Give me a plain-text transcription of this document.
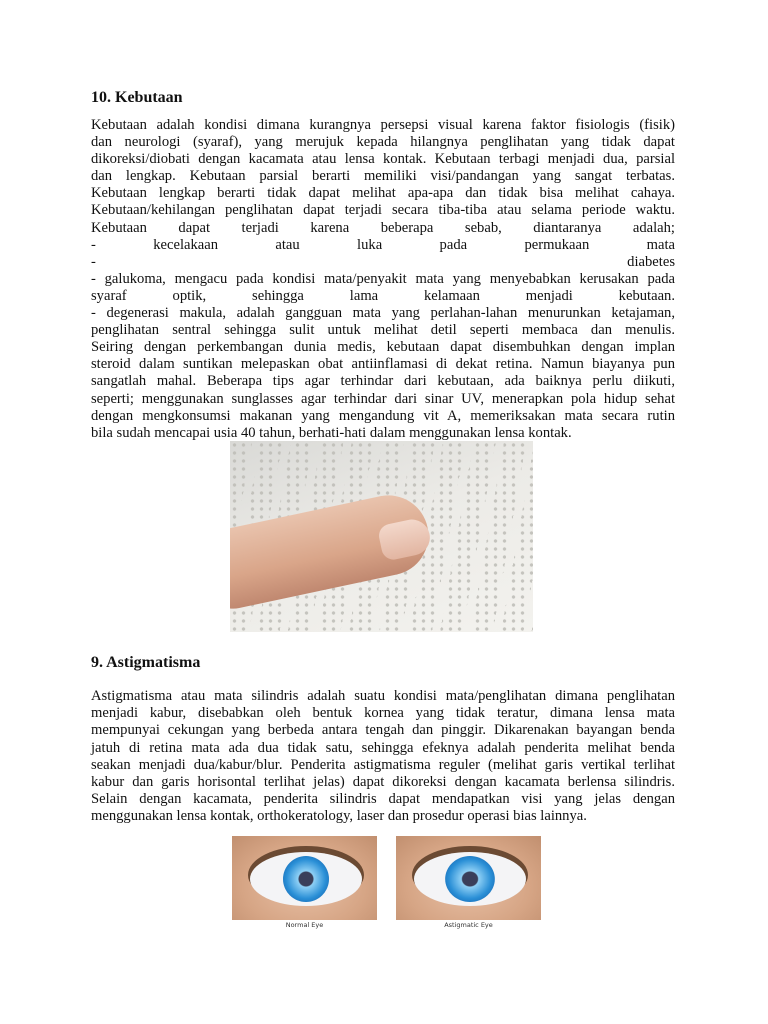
10. Kebutaan
Kebutaan adalah kondisi dimana kurangnya persepsi visual karena faktor fisiologis (fisik)
dan neurologi (syaraf), yang merujuk kepada hilangnya penglihatan yang tidak dapat
dikoreksi/diobati dengan kacamata atau lensa kontak. Kebutaan terbagi menjadi dua, parsial
dan lengkap. Kebutaan parsial berarti memiliki visi/pandangan yang sangat terbatas.
Kebutaan lengkap berarti tidak dapat melihat apa-apa dan tidak bisa melihat cahaya.
Kebutaan/kehilangan penglihatan dapat terjadi secara tiba-tiba atau selama periode waktu.
Kebutaan dapat terjadi karena beberapa sebab, diantaranya adalah;
- kecelakaan atau luka pada permukaan mata
- diabetes
- galukoma, mengacu pada kondisi mata/penyakit mata yang menyebabkan kerusakan pada
syaraf optik, sehingga lama kelamaan menjadi kebutaan.
- degenerasi makula, adalah gangguan mata yang perlahan-lahan menurunkan ketajaman,
penglihatan sentral sehingga sulit untuk melihat detil seperti membaca dan menulis.
Seiring dengan perkembangan dunia medis, kebutaan dapat disembuhkan dengan implan
steroid dalam suntikan melepaskan obat antiinflamasi di dekat retina. Namun biayanya pun
sangatlah mahal. Beberapa tips agar terhindar dari kebutaan, ada baiknya perlu diikuti,
seperti; menggunakan sunglasses agar terhindar dari sinar UV, menerapkan pola hidup sehat
dengan mengkonsumsi makanan yang mengandung vit A, memeriksakan mata secara rutin
bila sudah mencapai usia 40 tahun, berhati-hati dalam menggunakan lensa kontak.
9. Astigmatisma
Astigmatisma atau mata silindris adalah suatu kondisi mata/penglihatan dimana penglihatan
menjadi kabur, disebabkan oleh bentuk kornea yang tidak teratur, dimana lensa mata
mempunyai cekungan yang berbeda antara tengah dan pinggir. Dikarenakan bayangan benda
jatuh di retina mata ada dua tidak satu, sehingga efeknya adalah penderita melihat benda
seakan menjadi dua/kabur/blur. Penderita astigmatisma reguler (melihat garis vertikal terlihat
kabur dan garis horisontal terlihat jelas) dapat dikoreksi dengan kacamata berlensa silindris.
Selain dengan kacamata, penderita silindris dapat mendapatkan visi yang jelas dengan
menggunakan lensa kontak, orthokeratology, laser dan prosedur operasi bias lainnya.
Normal Eye	Astigmatic Eye
